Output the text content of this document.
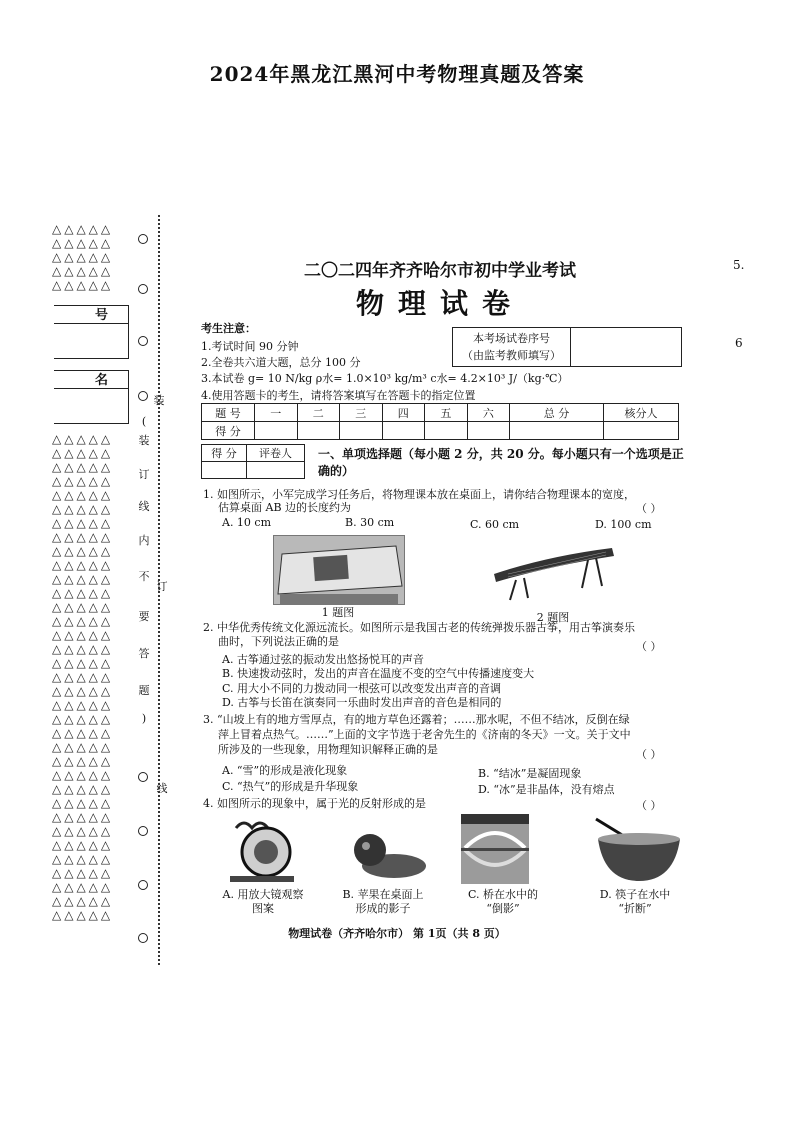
2024年黑龙江黑河中考物理真题及答案
△△△△△
△△△△△
△△△△△
△△△△△
△△△△△
号
名
△△△△△
△△△△△
△△△△△
△△△△△
△△△△△
△△△△△
△△△△△
△△△△△
△△△△△
△△△△△
△△△△△
△△△△△
△△△△△
△△△△△
△△△△△
△△△△△
△△△△△
△△△△△
△△△△△
△△△△△
△△△△△
△△△△△
△△△△△
△△△△△
△△△△△
△△△△△
△△△△△
△△△△△
△△△△△
△△△△△
△△△△△
△△△△△
△△△△△
△△△△△
△△△△△
装
(
装
订
线
内
不
订
要
答
题
)
线
5.
6
二〇二四年齐齐哈尔市初中学业考试
物理试卷
考生注意：
1.考试时间 90 分钟
2.全卷共六道大题，总分 100 分
3.本试卷 g= 10 N/kg ρ水= 1.0×10³ kg/m³ c水= 4.2×10³ J/（kg·℃）
4.使用答题卡的考生，请将答案填写在答题卡的指定位置
本考场试卷序号
（由监考教师填写）
题 号	一	二	三	四	五	六	总 分	核分人
得 分								
得 分	评卷人
	一、单项选择题（每小题 2 分，共 20 分。每小题只有一个选项是正确的）
1. 如图所示，小军完成学习任务后，将物理课本放在桌面上，请你结合物理课本的宽度，
估算桌面 AB 边的长度约为	（ ）
A. 10 cm	B. 30 cm	C. 60 cm	D. 100 cm
1 题图	2 题图
2. 中华优秀传统文化源远流长。如图所示是我国古老的传统弹拨乐器古筝，用古筝演奏乐
曲时，下列说法正确的是	（ ）
A. 古筝通过弦的振动发出悠扬悦耳的声音
B. 快速拨动弦时，发出的声音在温度不变的空气中传播速度变大
C. 用大小不同的力拨动同一根弦可以改变发出声音的音调
D. 古筝与长笛在演奏同一乐曲时发出声音的音色是相同的
3. “山坡上有的地方雪厚点，有的地方草色还露着；……那水呢，不但不结冰，反倒在绿
萍上冒着点热气。……”上面的文字节选于老舍先生的《济南的冬天》一文。关于文中
所涉及的一些现象，用物理知识解释正确的是	（ ）
A. “雪”的形成是液化现象	B. “结冰”是凝固现象
C. “热气”的形成是升华现象	D. “冰”是非晶体，没有熔点
4. 如图所示的现象中，属于光的反射形成的是	（ ）
A. 用放大镜观察
图案
B. 苹果在桌面上
形成的影子
C. 桥在水中的
“倒影”
D. 筷子在水中
“折断”
物理试卷（齐齐哈尔市） 第 1页（共 8 页）
